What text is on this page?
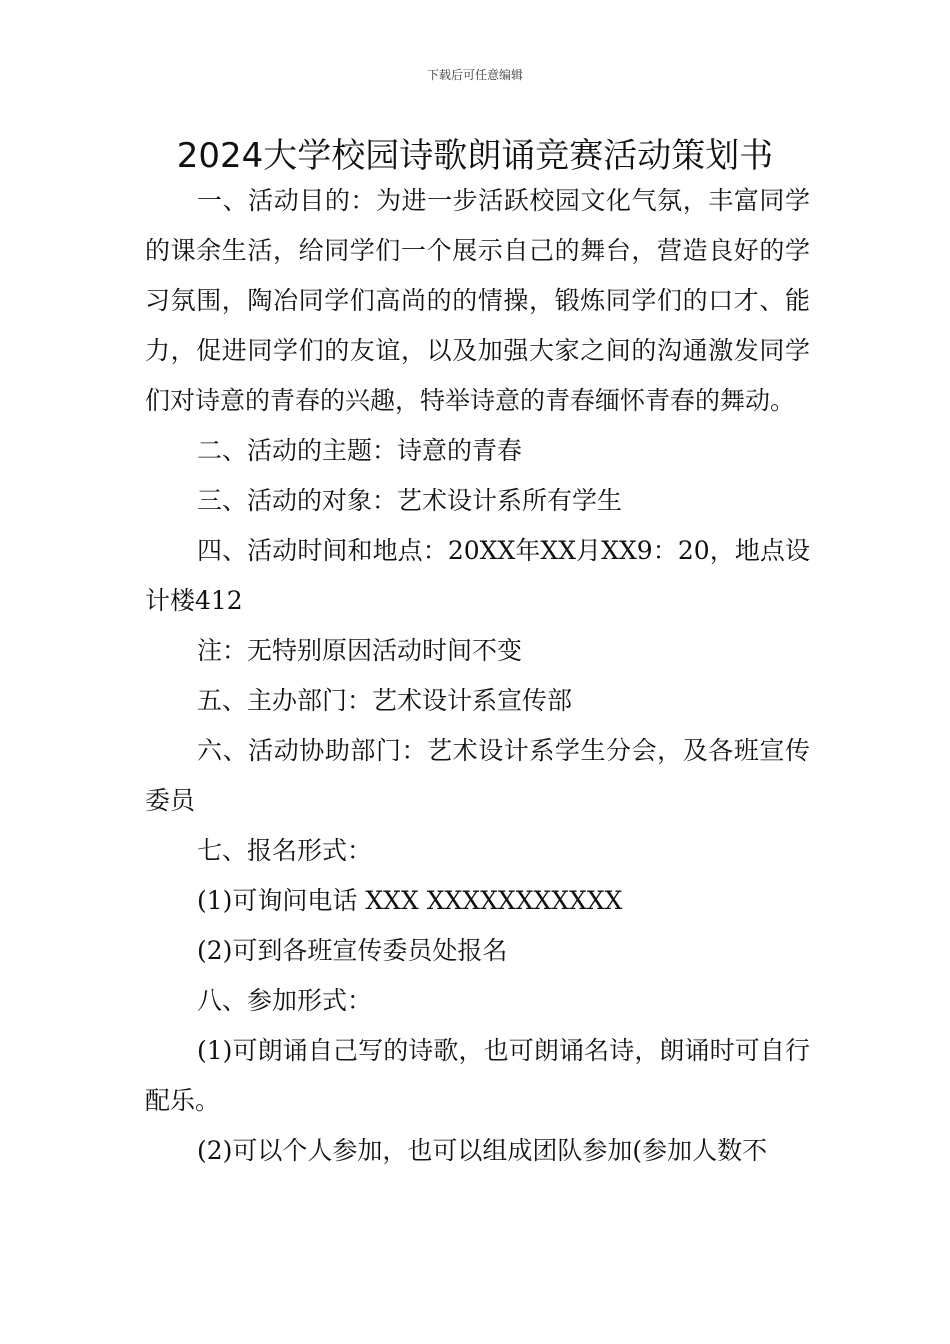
下载后可任意编辑
2024大学校园诗歌朗诵竞赛活动策划书

一、活动目的：为进一步活跃校园文化气氛，丰富同学的课余生活，给同学们一个展示自己的舞台，营造良好的学习氛围，陶冶同学们高尚的的情操，锻炼同学们的口才、能力，促进同学们的友谊，以及加强大家之间的沟通激发同学们对诗意的青春的兴趣，特举诗意的青春缅怀青春的舞动。

二、活动的主题：诗意的青春

三、活动的对象：艺术设计系所有学生

四、活动时间和地点：20XX年XX月XX9：20，地点设计楼412

注：无特别原因活动时间不变

五、主办部门：艺术设计系宣传部

六、活动协助部门：艺术设计系学生分会，及各班宣传委员

七、报名形式：

(1)可询问电话 XXX XXXXXXXXXXX

(2)可到各班宣传委员处报名

八、参加形式：

(1)可朗诵自己写的诗歌，也可朗诵名诗，朗诵时可自行配乐。

(2)可以个人参加，也可以组成团队参加(参加人数不
